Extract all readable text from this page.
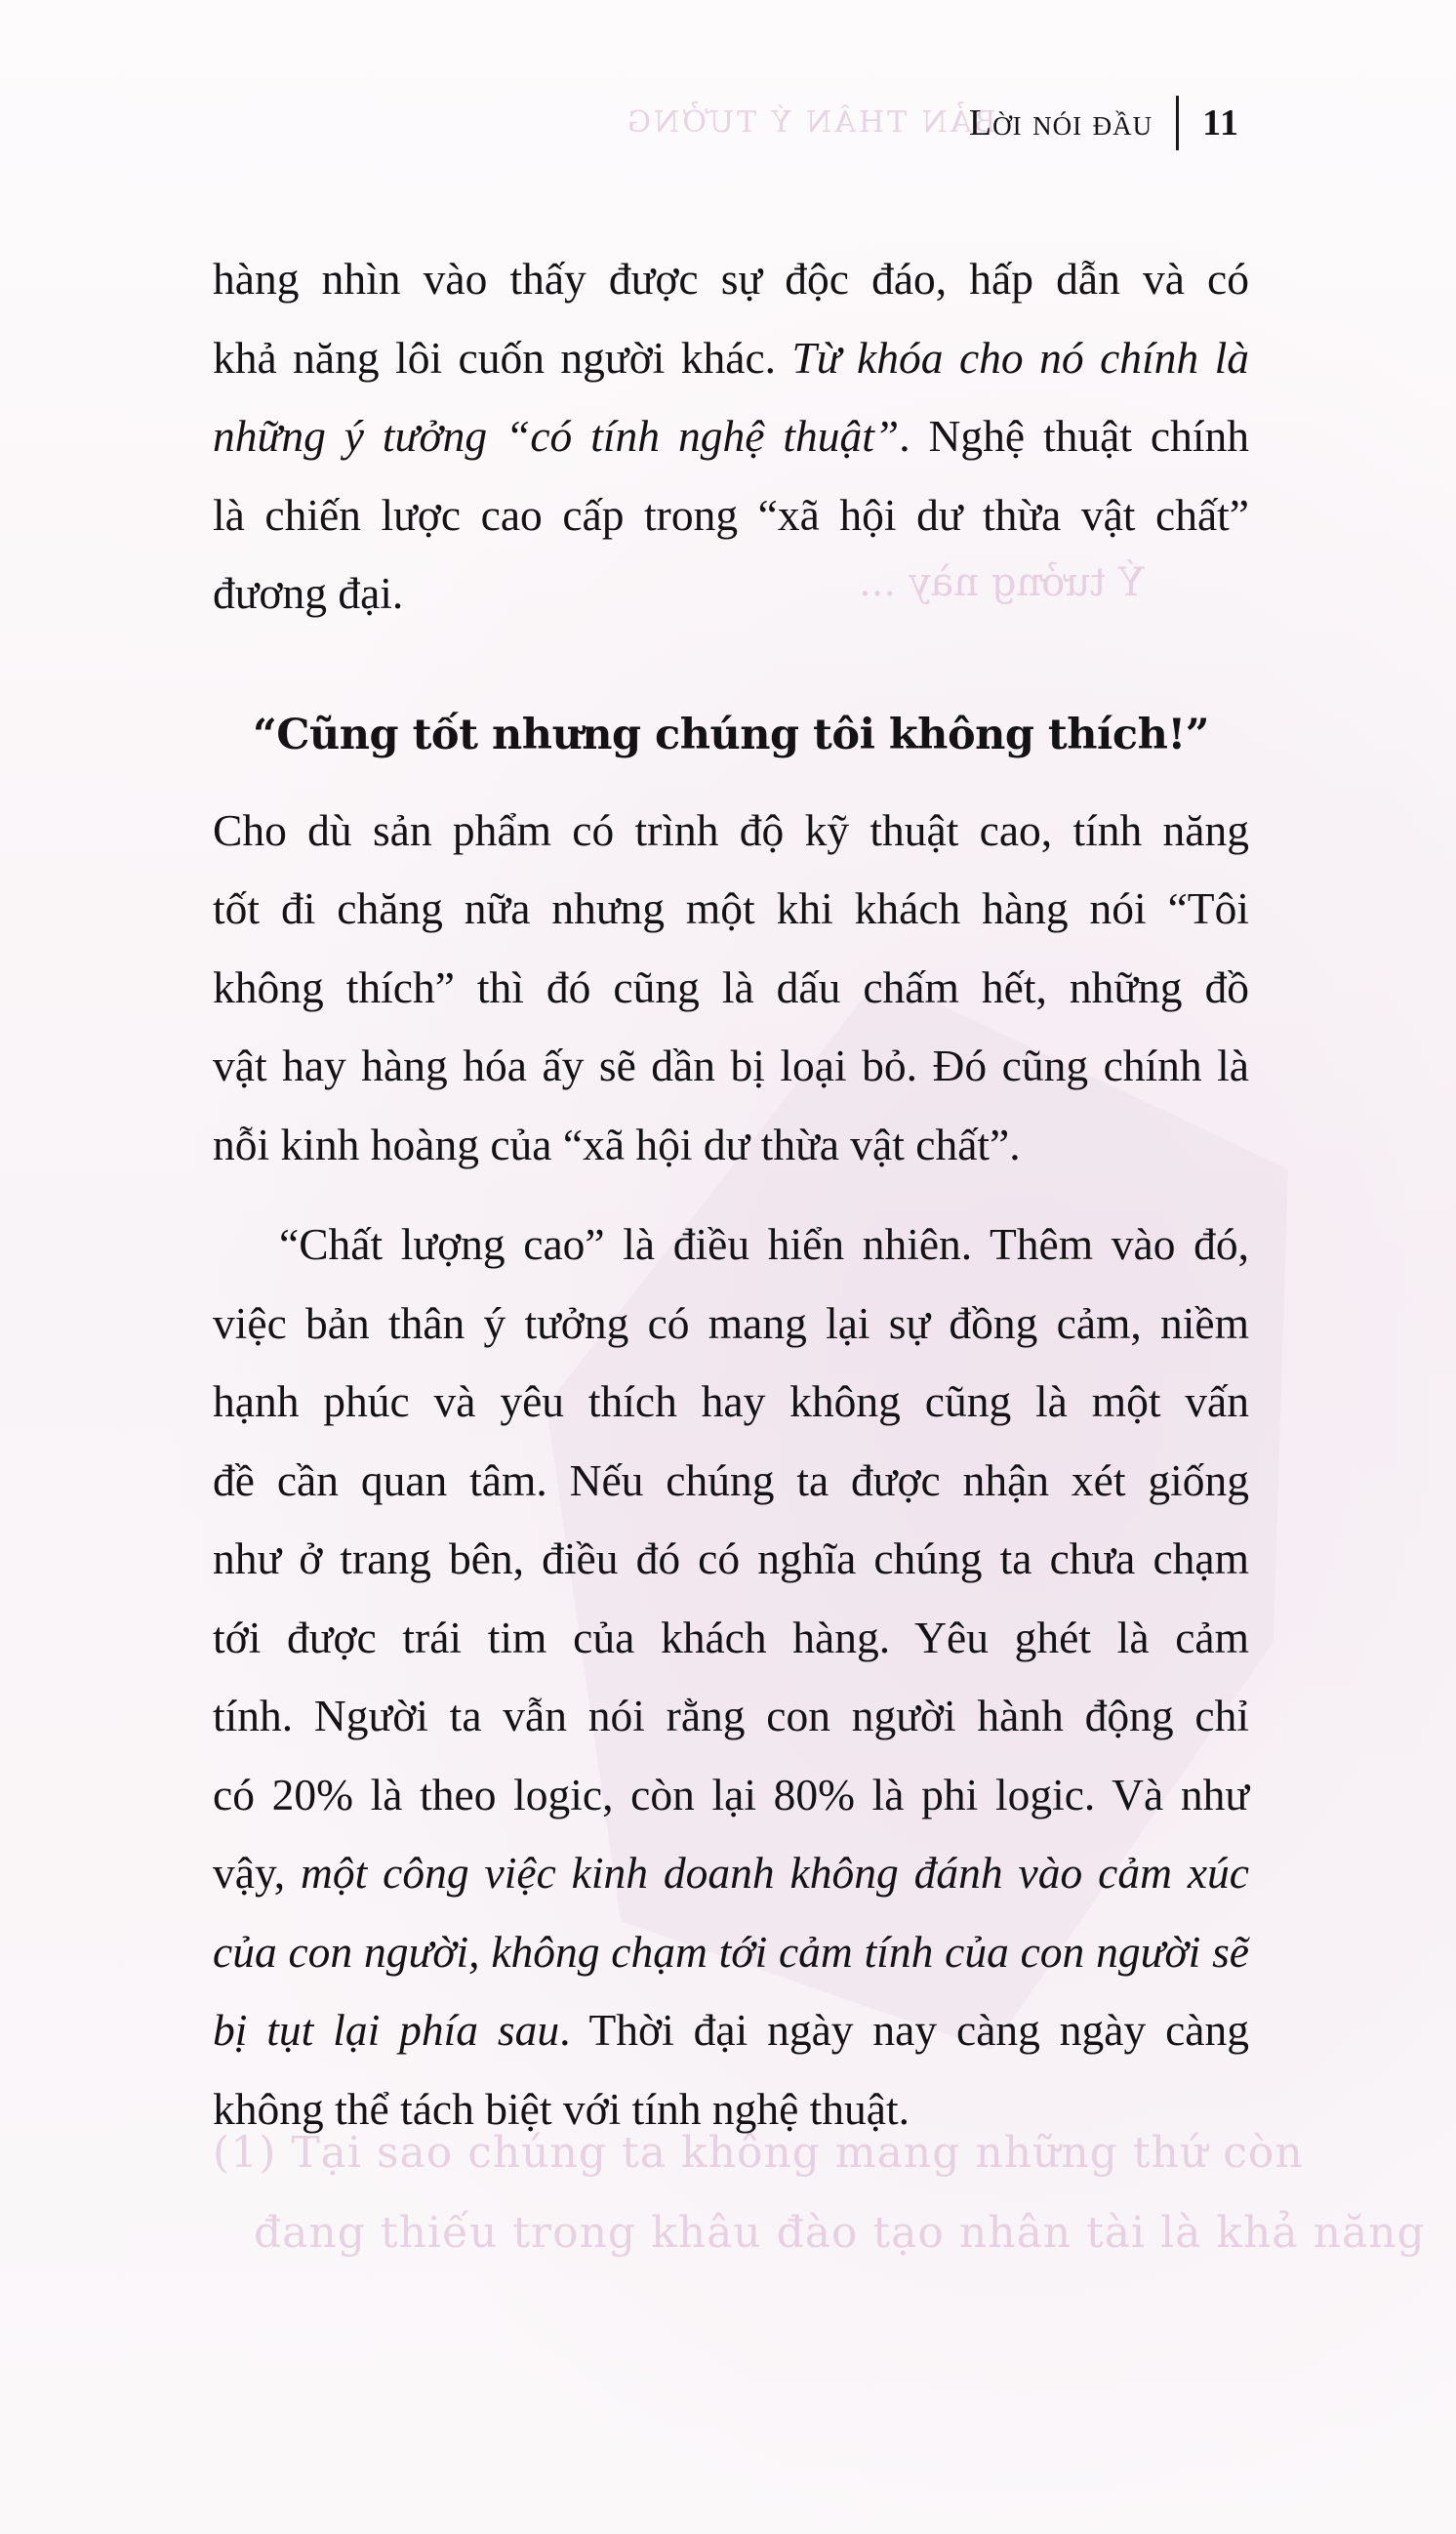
BẢN THÂN Ý TƯỞNG
Ý tưởng này ...
(1) Tại sao chúng ta không mang những thứ còn
đang thiếu trong khâu đào tạo nhân tài là khả năng
Lời nói đầu 11
hàng nhìn vào thấy được sự độc đáo, hấp dẫn và có
khả năng lôi cuốn người khác. Từ khóa cho nó chính là
những ý tưởng “có tính nghệ thuật”. Nghệ thuật chính
là chiến lược cao cấp trong “xã hội dư thừa vật chất”
đương đại.
“Cũng tốt nhưng chúng tôi không thích!”
Cho dù sản phẩm có trình độ kỹ thuật cao, tính năng
tốt đi chăng nữa nhưng một khi khách hàng nói “Tôi
không thích” thì đó cũng là dấu chấm hết, những đồ
vật hay hàng hóa ấy sẽ dần bị loại bỏ. Đó cũng chính là
nỗi kinh hoàng của “xã hội dư thừa vật chất”.
“Chất lượng cao” là điều hiển nhiên. Thêm vào đó,
việc bản thân ý tưởng có mang lại sự đồng cảm, niềm
hạnh phúc và yêu thích hay không cũng là một vấn
đề cần quan tâm. Nếu chúng ta được nhận xét giống
như ở trang bên, điều đó có nghĩa chúng ta chưa chạm
tới được trái tim của khách hàng. Yêu ghét là cảm
tính. Người ta vẫn nói rằng con người hành động chỉ
có 20% là theo logic, còn lại 80% là phi logic. Và như
vậy, một công việc kinh doanh không đánh vào cảm xúc
của con người, không chạm tới cảm tính của con người sẽ
bị tụt lại phía sau. Thời đại ngày nay càng ngày càng
không thể tách biệt với tính nghệ thuật.
